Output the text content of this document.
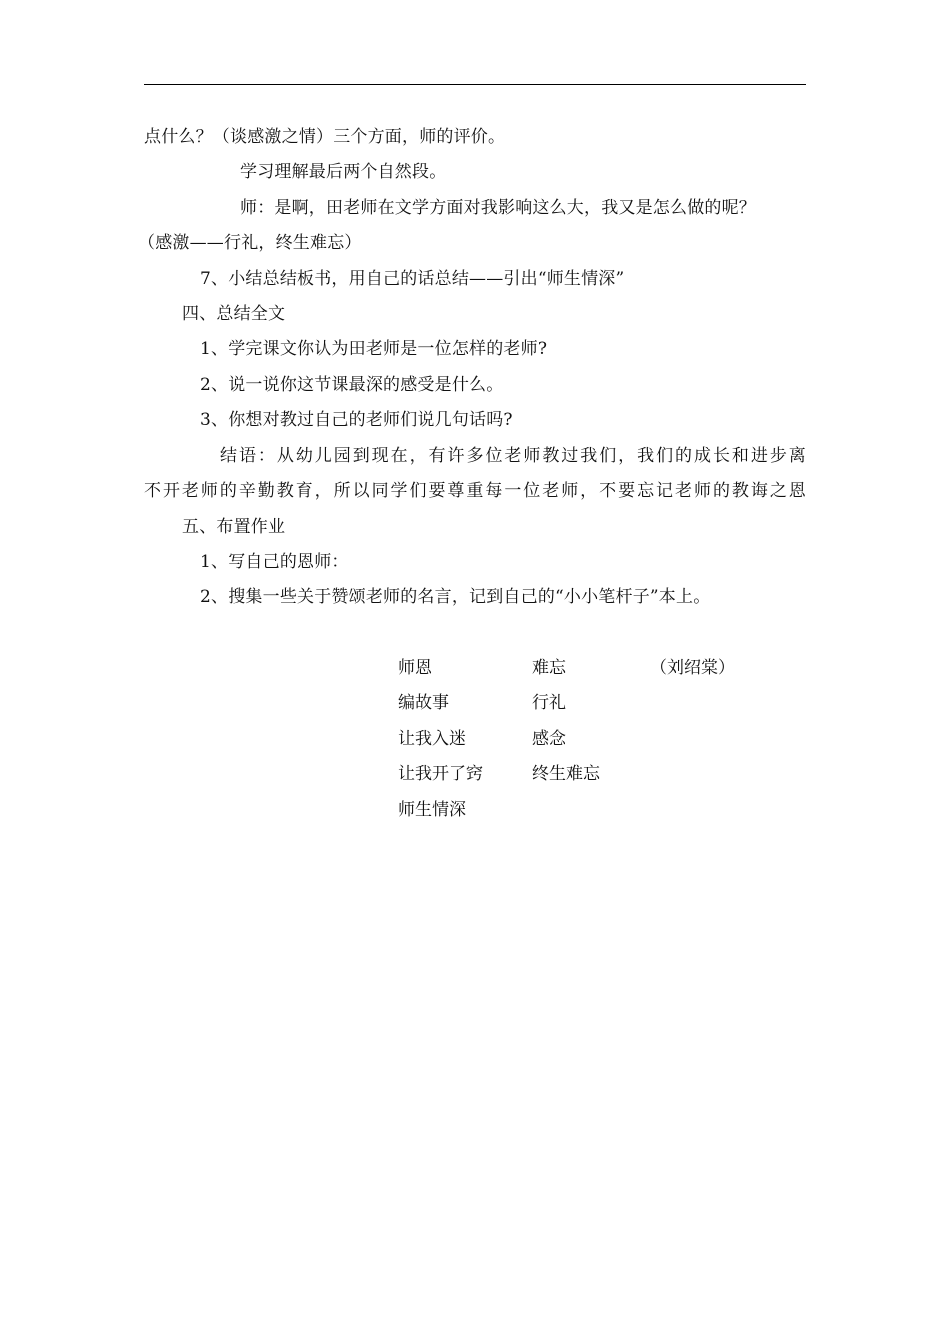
点什么？（谈感激之情）三个方面，师的评价。
学习理解最后两个自然段。
师：是啊，田老师在文学方面对我影响这么大，我又是怎么做的呢？
（感激——行礼，终生难忘）
7、小结总结板书，用自己的话总结——引出“师生情深”
四、总结全文
1、学完课文你认为田老师是一位怎样的老师?
2、说一说你这节课最深的感受是什么。
3、你想对教过自己的老师们说几句话吗?
结语：从幼儿园到现在，有许多位老师教过我们，我们的成长和进步离
不开老师的辛勤教育，所以同学们要尊重每一位老师，不要忘记老师的教诲之恩
五、布置作业
1、写自己的恩师：
2、搜集一些关于赞颂老师的名言，记到自己的“小小笔杆子”本上。
师恩
编故事
让我入迷
让我开了窍
师生情深
难忘
行礼
感念
终生难忘
（刘绍棠）
